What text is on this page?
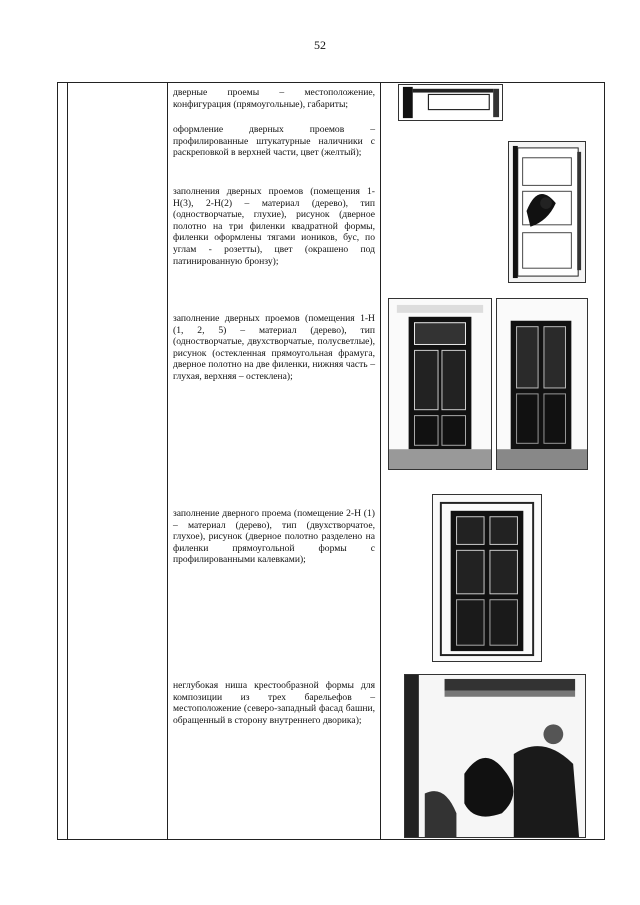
52
дверные проемы – местоположение, конфигурация (прямоугольные), габариты;
оформление дверных проемов – профилированные штукатурные наличники с раскреповкой в верхней части, цвет (желтый);
заполнения дверных проемов (помещения 1-Н(3), 2-Н(2) – материал (дерево), тип (одностворчатые, глухие), рисунок (дверное полотно на три филенки квадратной формы, филенки оформлены тягами иоников, бус, по углам - розетты), цвет (окрашено под патинированную бронзу);
заполнение дверных проемов (помещения 1-Н (1, 2, 5) – материал (дерево), тип (одностворчатые, двухстворчатые, полусветлые), рисунок (остекленная прямоугольная фрамуга, дверное полотно на две филенки, нижняя часть – глухая, верхняя – остеклена);
заполнение дверного проема (помещение 2-Н (1) – материал (дерево), тип (двухстворчатое, глухое), рисунок (дверное полотно разделено на филенки прямоугольной формы с профилированными калевками);
неглубокая ниша крестообразной формы для композиции из трех барельефов – местоположение (северо-западный фасад башни, обращенный в сторону внутреннего дворика);
